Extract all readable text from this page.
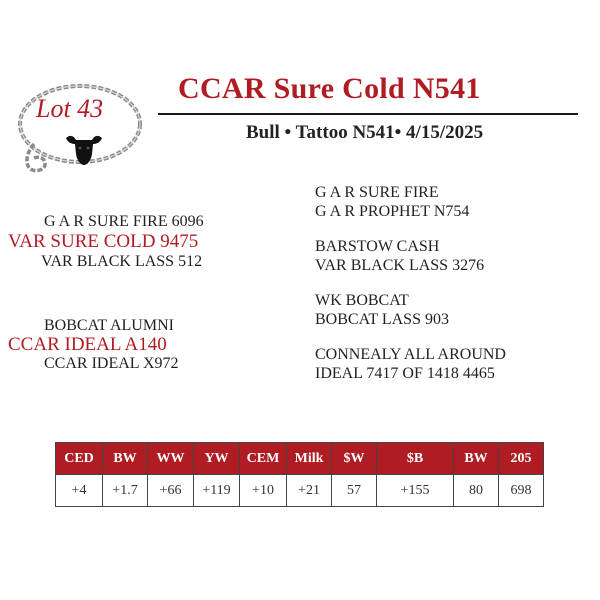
Lot 43
CCAR Sure Cold N541
Bull • Tattoo N541• 4/15/2025
G A R SURE FIRE 6096
VAR SURE COLD 9475
VAR BLACK LASS 512
BOBCAT ALUMNI
CCAR IDEAL A140
CCAR IDEAL X972
G A R SURE FIRE
G A R PROPHET N754
BARSTOW CASH
VAR BLACK LASS 3276
WK BOBCAT
BOBCAT LASS 903
CONNEALY ALL AROUND
IDEAL 7417 OF 1418 4465
CED	BW	WW	YW	CEM	Milk	$W	$B	BW	205
+4	+1.7	+66	+119	+10	+21	57	+155	80	698
